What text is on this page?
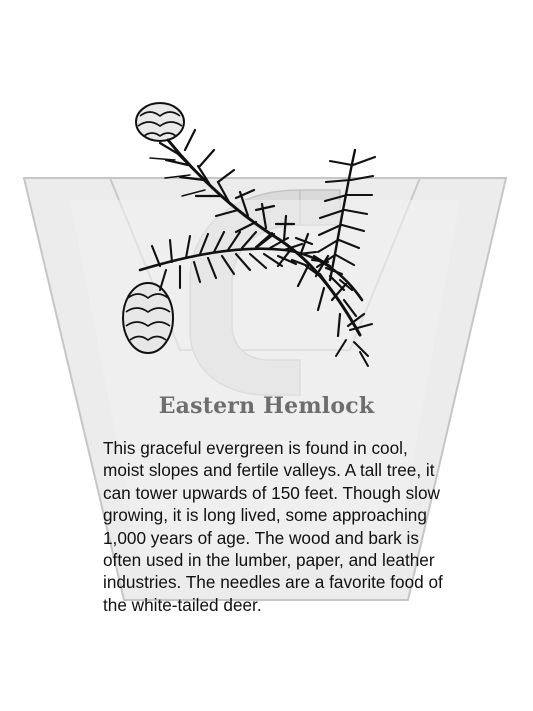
Eastern Hemlock

This graceful evergreen is found in cool, moist slopes and fertile valleys. A tall tree, it can tower upwards of 150 feet. Though slow growing, it is long lived, some approaching 1,000 years of age. The wood and bark is often used in the lumber, paper, and leather industries. The needles are a favorite food of the white-tailed deer.
